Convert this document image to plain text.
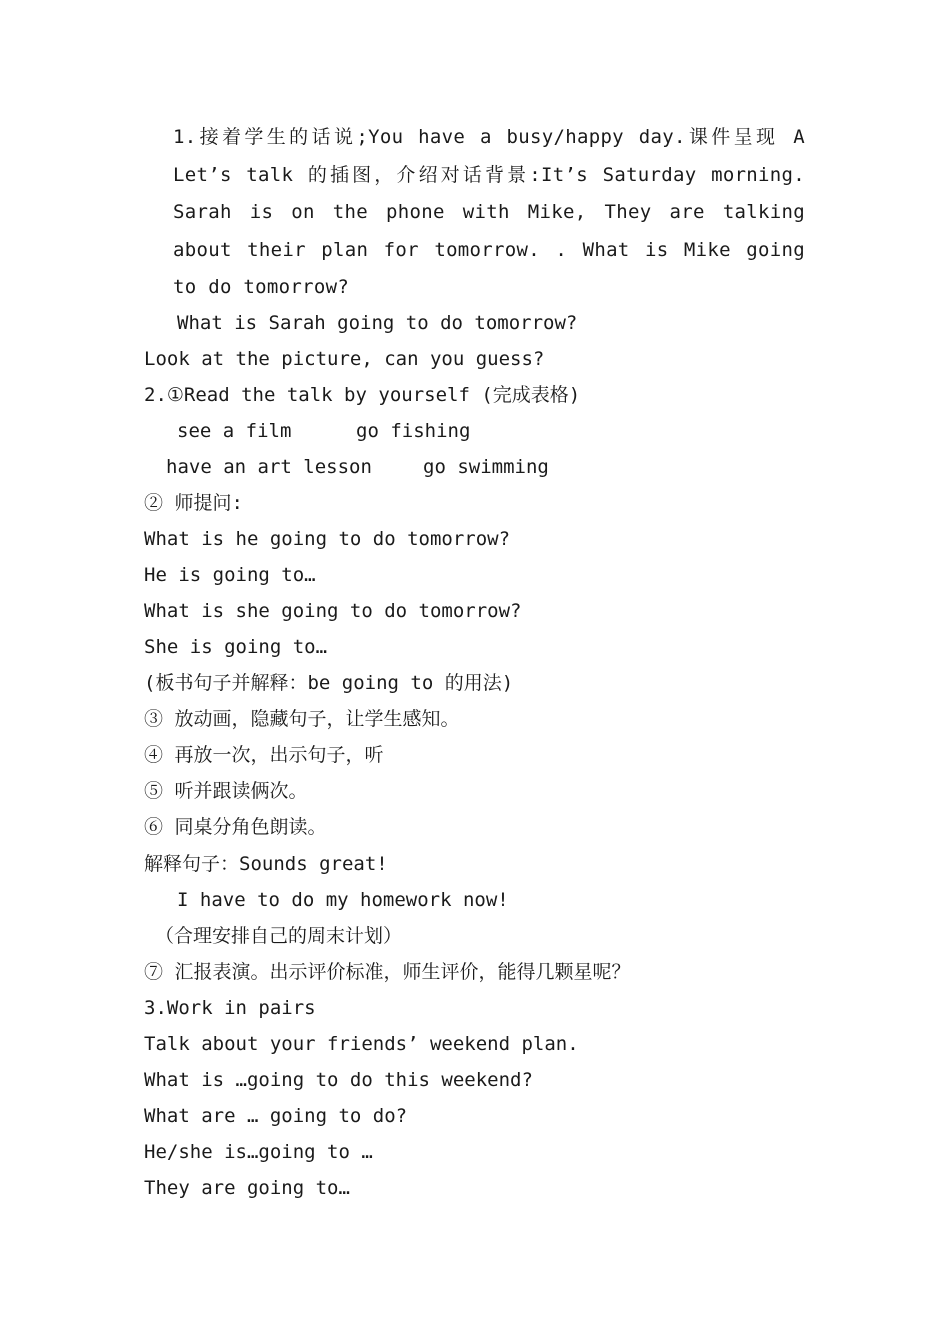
1.接着学生的话说;You have a busy/happy day.课件呈现 A Let’s talk 的插图，介绍对话背景:It’s Saturday morning. Sarah is on the phone with Mike, They are talking about their plan for tomorrow. . What is Mike going to do tomorrow?
What is Sarah going to do tomorrow?
Look at the picture, can you guess?
2.①Read the talk by yourself (完成表格)
see a film	go fishing
have an art lesson	go swimming
② 师提问:
What is he going to do tomorrow?
He is going to…
What is she going to do tomorrow?
She is going to…
(板书句子并解释：be going to 的用法)
③ 放动画，隐藏句子，让学生感知。
④ 再放一次，出示句子，听
⑤ 听并跟读俩次。
⑥ 同桌分角色朗读。
解释句子：Sounds great!
I have to do my homework now!
（合理安排自己的周末计划）
⑦ 汇报表演。出示评价标准，师生评价，能得几颗星呢？
3.Work in pairs
Talk about your friends’ weekend plan.
What is …going to do this weekend?
What are … going to do?
He/she is…going to …
They are going to…
